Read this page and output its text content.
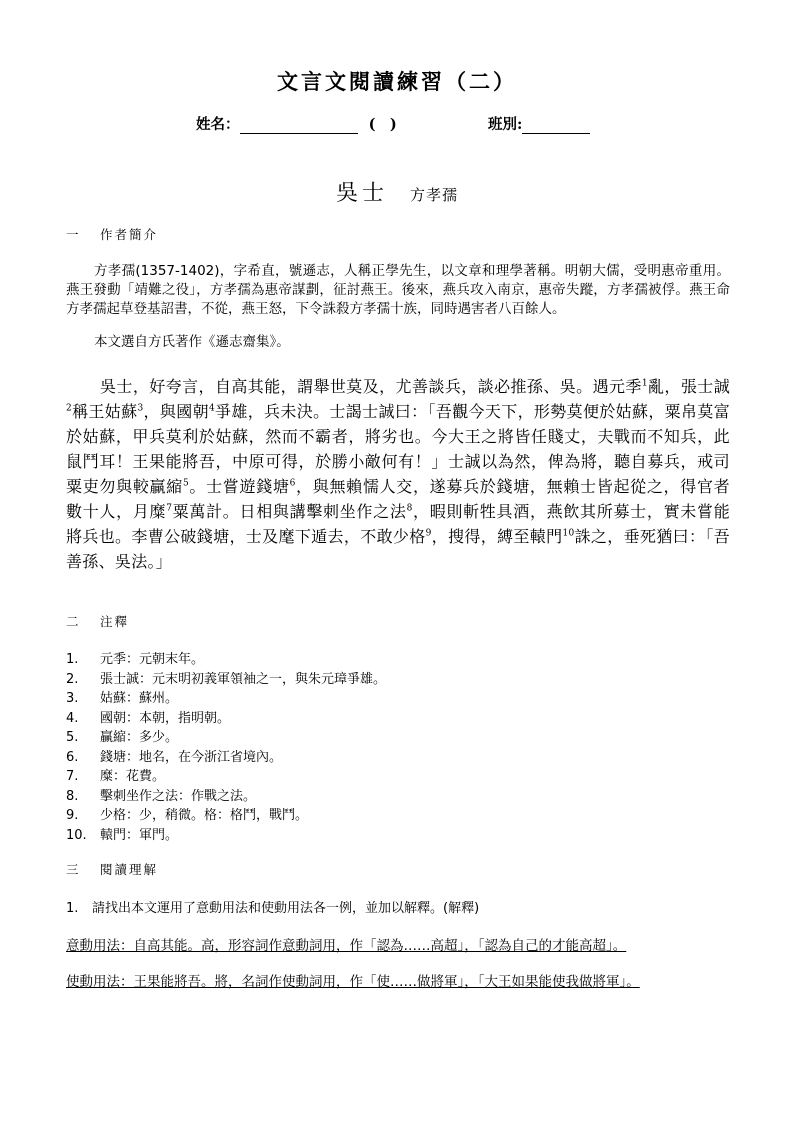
文言文閱讀練習（二）
姓名：	(　)	班別:
吳士 方孝孺
一 作者簡介

方孝孺(1357-1402)，字希直，號遜志，人稱正學先生，以文章和理學著稱。明朝大儒，受明惠帝重用。燕王發動「靖難之役」，方孝孺為惠帝謀劃，征討燕王。後來，燕兵攻入南京，惠帝失蹤，方孝孺被俘。燕王命方孝孺起草登基詔書，不從，燕王怒，下令誅殺方孝孺十族，同時遇害者八百餘人。

本文選自方氏著作《遜志齋集》。

吳士，好夸言，自高其能，謂舉世莫及，尤善談兵，談必推孫、吳。遇元季$^1$亂，張士誠$^2$稱王姑蘇$^3$，與國朝$^4$爭雄，兵未決。士謁士誠曰：「吾觀今天下，形勢莫便於姑蘇，粟帛莫富於姑蘇，甲兵莫利於姑蘇，然而不霸者，將劣也。今大王之將皆任賤丈，夫戰而不知兵，此鼠鬥耳！王果能將吾，中原可得，於勝小敵何有！」士誠以為然，俾為將，聽自募兵，戒司粟吏勿與較贏縮$^5$。士嘗遊錢塘$^6$，與無賴懦人交，遂募兵於錢塘，無賴士皆起從之，得官者數十人，月糜$^7$粟萬計。日相與講擊刺坐作之法$^8$，暇則斬牲具酒，燕飲其所募士，實未嘗能將兵也。李曹公破錢塘，士及麾下遁去，不敢少格$^9$，搜得，縛至轅門$^{10}$誅之，垂死猶曰：「吾善孫、吳法。」

二 注釋
1.	元季：元朝末年。
2.	張士誠：元末明初義軍領袖之一，與朱元璋爭雄。
3.	姑蘇：蘇州。
4.	國朝：本朝，指明朝。
5.	贏縮：多少。
6.	錢塘：地名，在今浙江省境內。
7.	糜：花費。
8.	擊刺坐作之法：作戰之法。
9.	少格：少，稍微。格：格鬥，戰鬥。
10.	轅門：軍門。
三 閱讀理解
1. 請找出本文運用了意動用法和使動用法各一例，並加以解釋。(解釋)
意動用法：自高其能。高，形容詞作意動詞用，作「認為……高超」，「認為自己的才能高超」。
使動用法：王果能將吾。將，名詞作使動詞用，作「使……做將軍」，「大王如果能使我做將軍」。
